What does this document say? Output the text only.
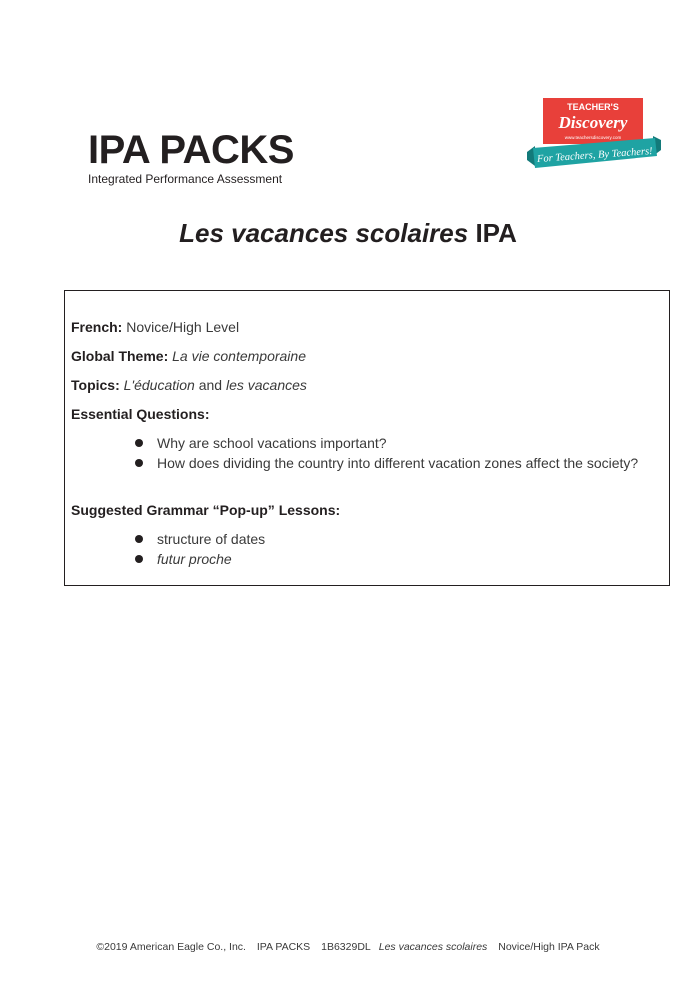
IPA PACKS
Integrated Performance Assessment
TEACHER'S
Discovery
www.teachersdiscovery.com
For Teachers, By Teachers!
Les vacances scolaires IPA
French: Novice/High Level
Global Theme: La vie contemporaine
Topics: L'éducation and les vacances
Essential Questions:
Why are school vacations important?
How does dividing the country into different vacation zones affect the society?
Suggested Grammar “Pop-up” Lessons:
structure of dates
futur proche
©2019 American Eagle Co., Inc. IPA PACKS 1B6329DL Les vacances scolaires Novice/High IPA Pack
